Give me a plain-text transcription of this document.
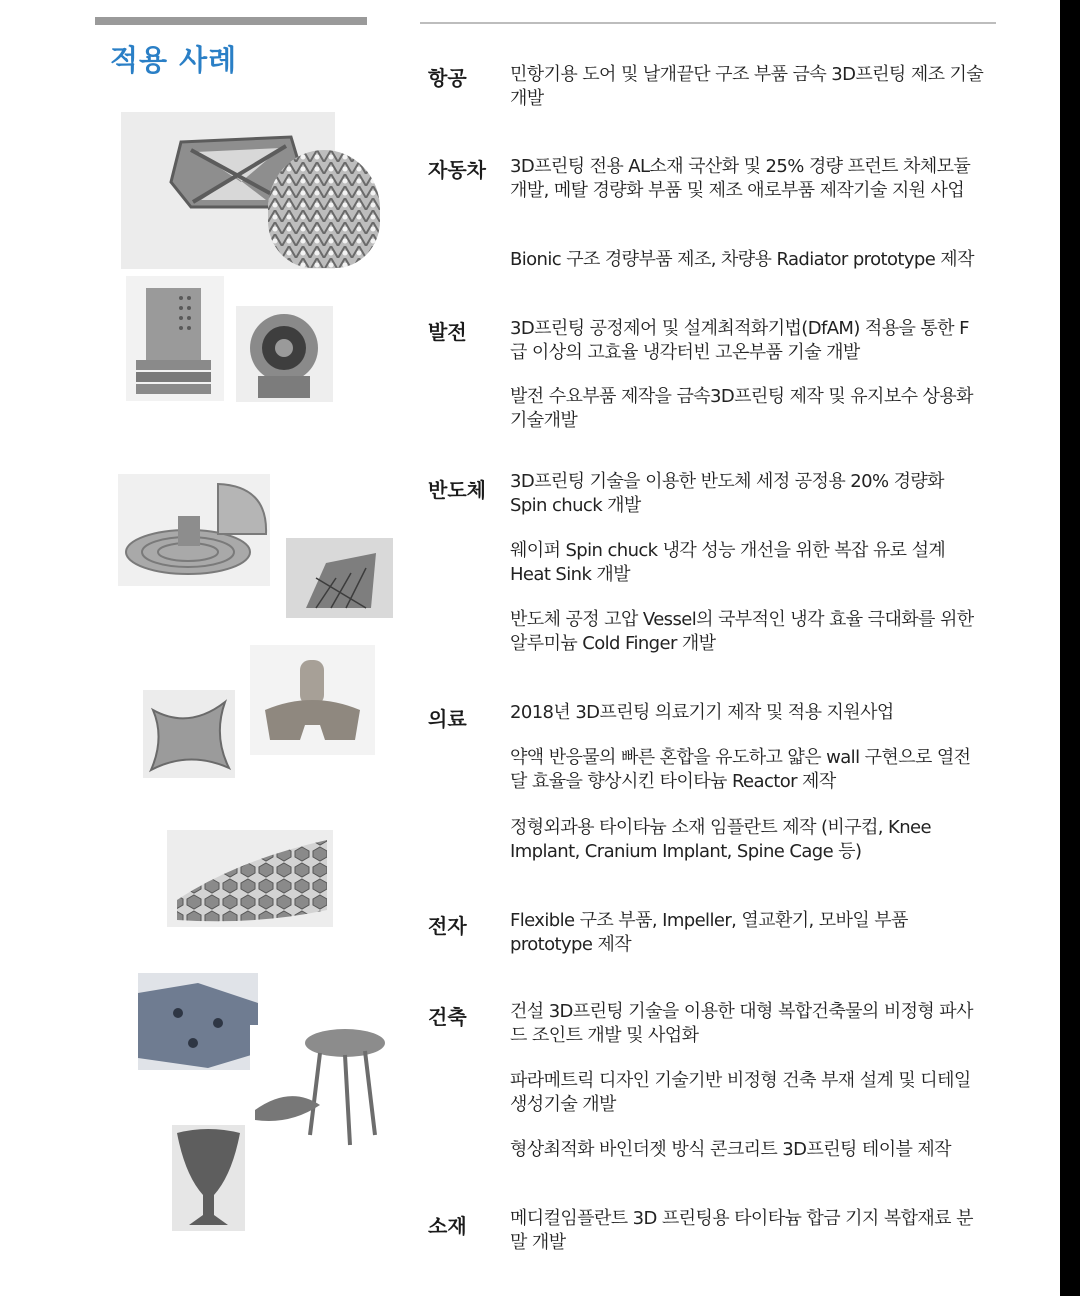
적용 사례
항공 민항기용 도어 및 날개끝단 구조 부품 금속 3D프린팅 제조 기술 개발

자동차 3D프린팅 전용 AL소재 국산화 및 25% 경량 프런트 차체모듈 개발, 메탈 경량화 부품 및 제조 애로부품 제작기술 지원 사업

Bionic 구조 경량부품 제조, 차량용 Radiator prototype 제작

발전 3D프린팅 공정제어 및 설계최적화기법(DfAM) 적용을 통한 F급 이상의 고효율 냉각터빈 고온부품 기술 개발

발전 수요부품 제작을 금속3D프린팅 제작 및 유지보수 상용화 기술개발

반도체 3D프린팅 기술을 이용한 반도체 세정 공정용 20% 경량화 Spin chuck 개발

웨이퍼 Spin chuck 냉각 성능 개선을 위한 복잡 유로 설계 Heat Sink 개발

반도체 공정 고압 Vessel의 국부적인 냉각 효율 극대화를 위한 알루미늄 Cold Finger 개발

의료 2018년 3D프린팅 의료기기 제작 및 적용 지원사업

약액 반응물의 빠른 혼합을 유도하고 얇은 wall 구현으로 열전달 효율을 향상시킨 타이타늄 Reactor 제작

정형외과용 타이타늄 소재 임플란트 제작 (비구컵, Knee Implant, Cranium Implant, Spine Cage 등)

전자 Flexible 구조 부품, Impeller, 열교환기, 모바일 부품 prototype 제작

건축 건설 3D프린팅 기술을 이용한 대형 복합건축물의 비정형 파사드 조인트 개발 및 사업화

파라메트릭 디자인 기술기반 비정형 건축 부재 설계 및 디테일 생성기술 개발

형상최적화 바인더젯 방식 콘크리트 3D프린팅 테이블 제작

소재 메디컬임플란트 3D 프린팅용 타이타늄 합금 기지 복합재료 분말 개발
